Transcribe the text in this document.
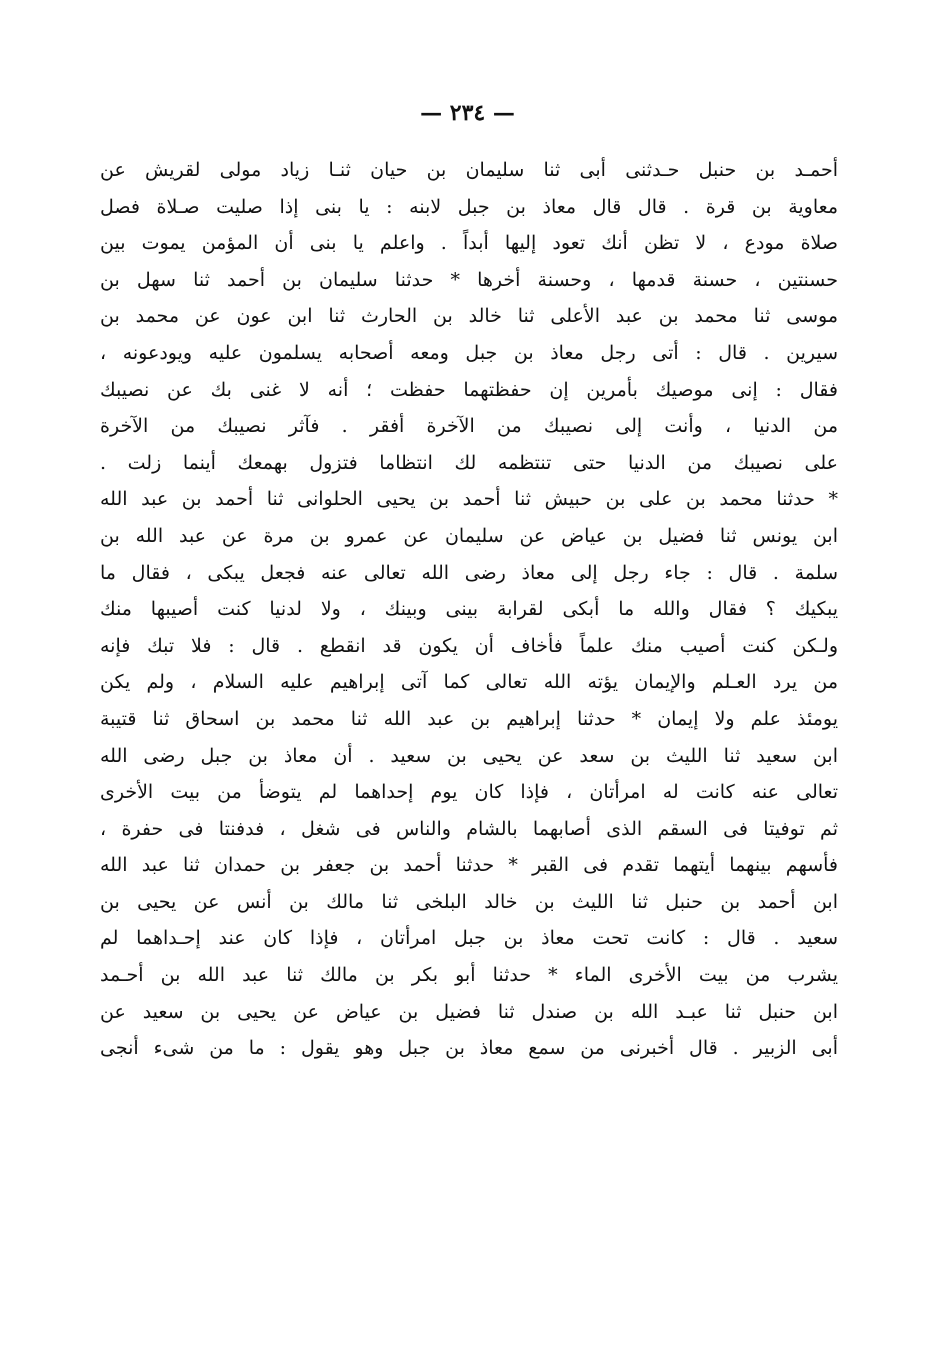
— ٢٣٤ —
أحمـد بن حنبل حـدثنى أبى ثنا سليمان بن حيان ثنـا زياد مولى لقريش عن
معاوية بن قرة . قال قال معاذ بن جبل لابنه : يا بنى إذا صليت صـلاة فصل
صلاة مودع ، لا تظن أنك تعود إليها أبداً . واعلم يا بنى أن المؤمن يموت بين
حسنتين ، حسنة قدمها ، وحسنة أخرها * حدثنا سليمان بن أحمد ثنا سهل بن
موسى ثنا محمد بن عبد الأعلى ثنا خالد بن الحارث ثنا ابن عون عن محمد بن
سيرين . قال : أتى رجل معاذ بن جبل ومعه أصحابه يسلمون عليه ويودعونه ،
فقال : إنى موصيك بأمرين إن حفظتهما حفظت ؛ أنه لا غنى بك عن نصيبك
من الدنيا ، وأنت إلى نصيبك من الآخرة أفقر . فآثر نصيبك من الآخرة
على نصيبك من الدنيا حتى تنتظمه لك انتظاما فتزول بهمعك أينما زلت .
* حدثنا محمد بن على بن حبيش ثنا أحمد بن يحيى الحلوانى ثنا أحمد بن عبد الله
ابن يونس ثنا فضيل بن عياض عن سليمان عن عمرو بن مرة عن عبد الله بن
سلمة . قال : جاء رجل إلى معاذ رضى الله تعالى عنه فجعل يبكى ، فقال ما
يبكيك ؟ فقال والله ما أبكى لقرابة بينى وبينك ، ولا لدنيا كنت أصيبها منك
ولـكن كنت أصيب منك علماً فأخاف أن يكون قد انقطع . قال : فلا تبك فإنه
من يرد العـلم والإيمان يؤته الله تعالى كما آتى إبراهيم عليه السلام ، ولم يكن
يومئذ علم ولا إيمان * حدثنا إبراهيم بن عبد الله ثنا محمد بن اسحاق ثنا قتيبة
ابن سعيد ثنا الليث بن سعد عن يحيى بن سعيد . أن معاذ بن جبل رضى الله
تعالى عنه كانت له امرأتان ، فإذا كان يوم إحداهما لم يتوضأ من بيت الأخرى
ثم توفيتا فى السقم الذى أصابهما بالشام والناس فى شغل ، فدفنتا فى حفرة ،
فأسهم بينهما أيتهما تقدم فى القبر * حدثنا أحمد بن جعفر بن حمدان ثنا عبد الله
ابن أحمد بن حنبل ثنا الليث بن خالد البلخى ثنا مالك بن أنس عن يحيى بن
سعيد . قال : كانت تحت معاذ بن جبل امرأتان ، فإذا كان عند إحـداهما لم
يشرب من بيت الأخرى الماء * حدثنا أبو بكر بن مالك ثنا عبد الله بن أحـمد
ابن حنبل ثنا عبـد الله بن صندل ثنا فضيل بن عياض عن يحيى بن سعيد عن
أبى الزبير . قال أخبرنى من سمع معاذ بن جبل وهو يقول : ما من شىء أنجى
